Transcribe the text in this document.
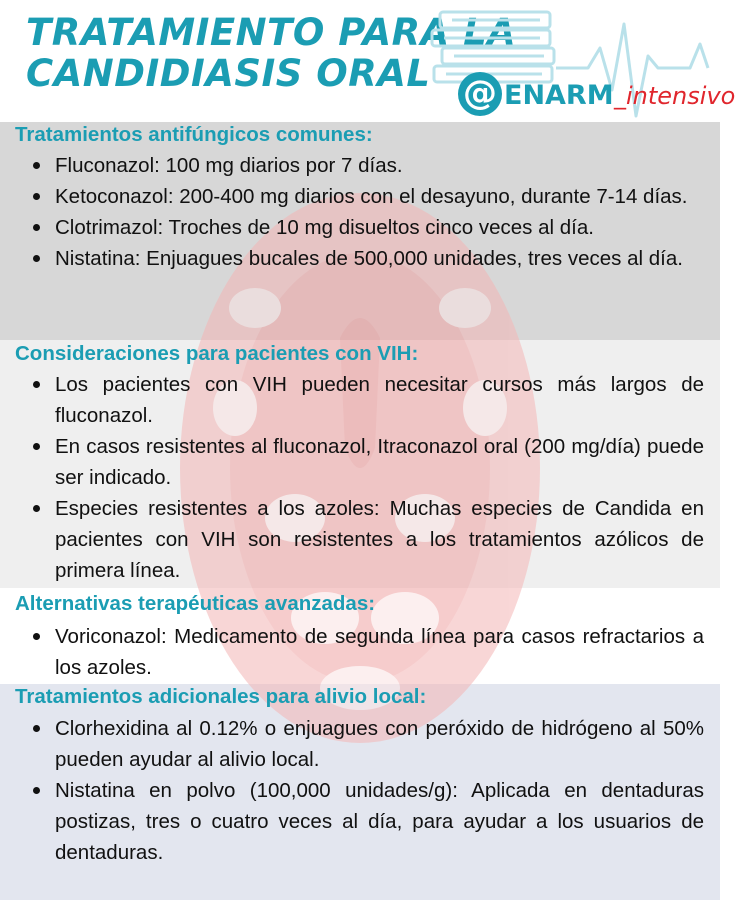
TRATAMIENTO PARA LA
CANDIDIASIS ORAL @ ENARM _intensivo
Tratamientos antifúngicos comunes:
Fluconazol: 100 mg diarios por 7 días.
Ketoconazol: 200-400 mg diarios con el desayuno, durante 7-14 días.
Clotrimazol: Troches de 10 mg disueltos cinco veces al día.
Nistatina: Enjuagues bucales de 500,000 unidades, tres veces al día.
Consideraciones para pacientes con VIH:
Los pacientes con VIH pueden necesitar cursos más largos de fluconazol.
En casos resistentes al fluconazol, Itraconazol oral (200 mg/día) puede ser indicado.
Especies resistentes a los azoles: Muchas especies de Candida en pacientes con VIH son resistentes a los tratamientos azólicos de primera línea.
Alternativas terapéuticas avanzadas:
Voriconazol: Medicamento de segunda línea para casos refractarios a los azoles.
Tratamientos adicionales para alivio local:
Clorhexidina al 0.12% o enjuagues con peróxido de hidrógeno al 50% pueden ayudar al alivio local.
Nistatina en polvo (100,000 unidades/g): Aplicada en dentaduras postizas, tres o cuatro veces al día, para ayudar a los usuarios de dentaduras.
